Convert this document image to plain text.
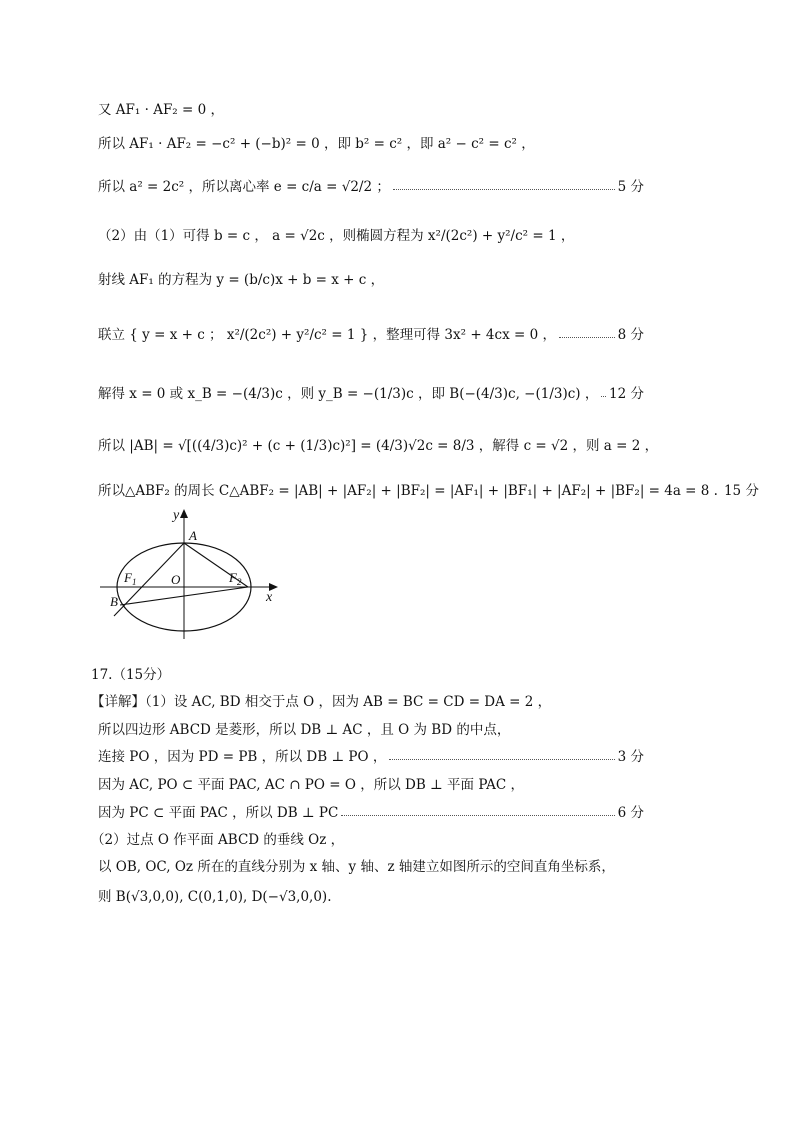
又 AF₁ · AF₂ = 0 ，
所以 AF₁ · AF₂ = −c² + (−b)² = 0 ，即 b² = c² ，即 a² − c² = c² ，
所以 a² = 2c² ，所以离心率 e = c/a = √2/2 ；	5 分
（2）由（1）可得 b = c ， a = √2c ，则椭圆方程为 x²/(2c²) + y²/c² = 1 ，
射线 AF₁ 的方程为 y = (b/c)x + b = x + c ，
联立 { y = x + c ； x²/(2c²) + y²/c² = 1 } ，整理可得 3x² + 4cx = 0 ，	8 分
解得 x = 0 或 x_B = −(4/3)c ，则 y_B = −(1/3)c ，即 B(−(4/3)c, −(1/3)c) ， 12 分
所以 |AB| = √[((4/3)c)² + (c + (1/3)c)²] = (4/3)√2c = 8/3 ，解得 c = √2 ，则 a = 2 ，
所以△ABF₂ 的周长 C△ABF₂ = |AB| + |AF₂| + |BF₂| = |AF₁| + |BF₁| + |AF₂| + |BF₂| = 4a = 8 . 15 分
y
x
A
O
$F_1$	$F_2$
B
17.（15分）
【详解】（1）设 AC, BD 相交于点 O ，因为 AB = BC = CD = DA = 2 ，
所以四边形 ABCD 是菱形，所以 DB ⊥ AC ，且 O 为 BD 的中点，
连接 PO ，因为 PD = PB ，所以 DB ⊥ PO ，	3 分
因为 AC, PO ⊂ 平面 PAC, AC ∩ PO = O ，所以 DB ⊥ 平面 PAC ，
因为 PC ⊂ 平面 PAC ，所以 DB ⊥ PC	6 分
（2）过点 O 作平面 ABCD 的垂线 Oz ，
以 OB, OC, Oz 所在的直线分别为 x 轴、y 轴、z 轴建立如图所示的空间直角坐标系，
则 B(√3,0,0), C(0,1,0), D(−√3,0,0).
